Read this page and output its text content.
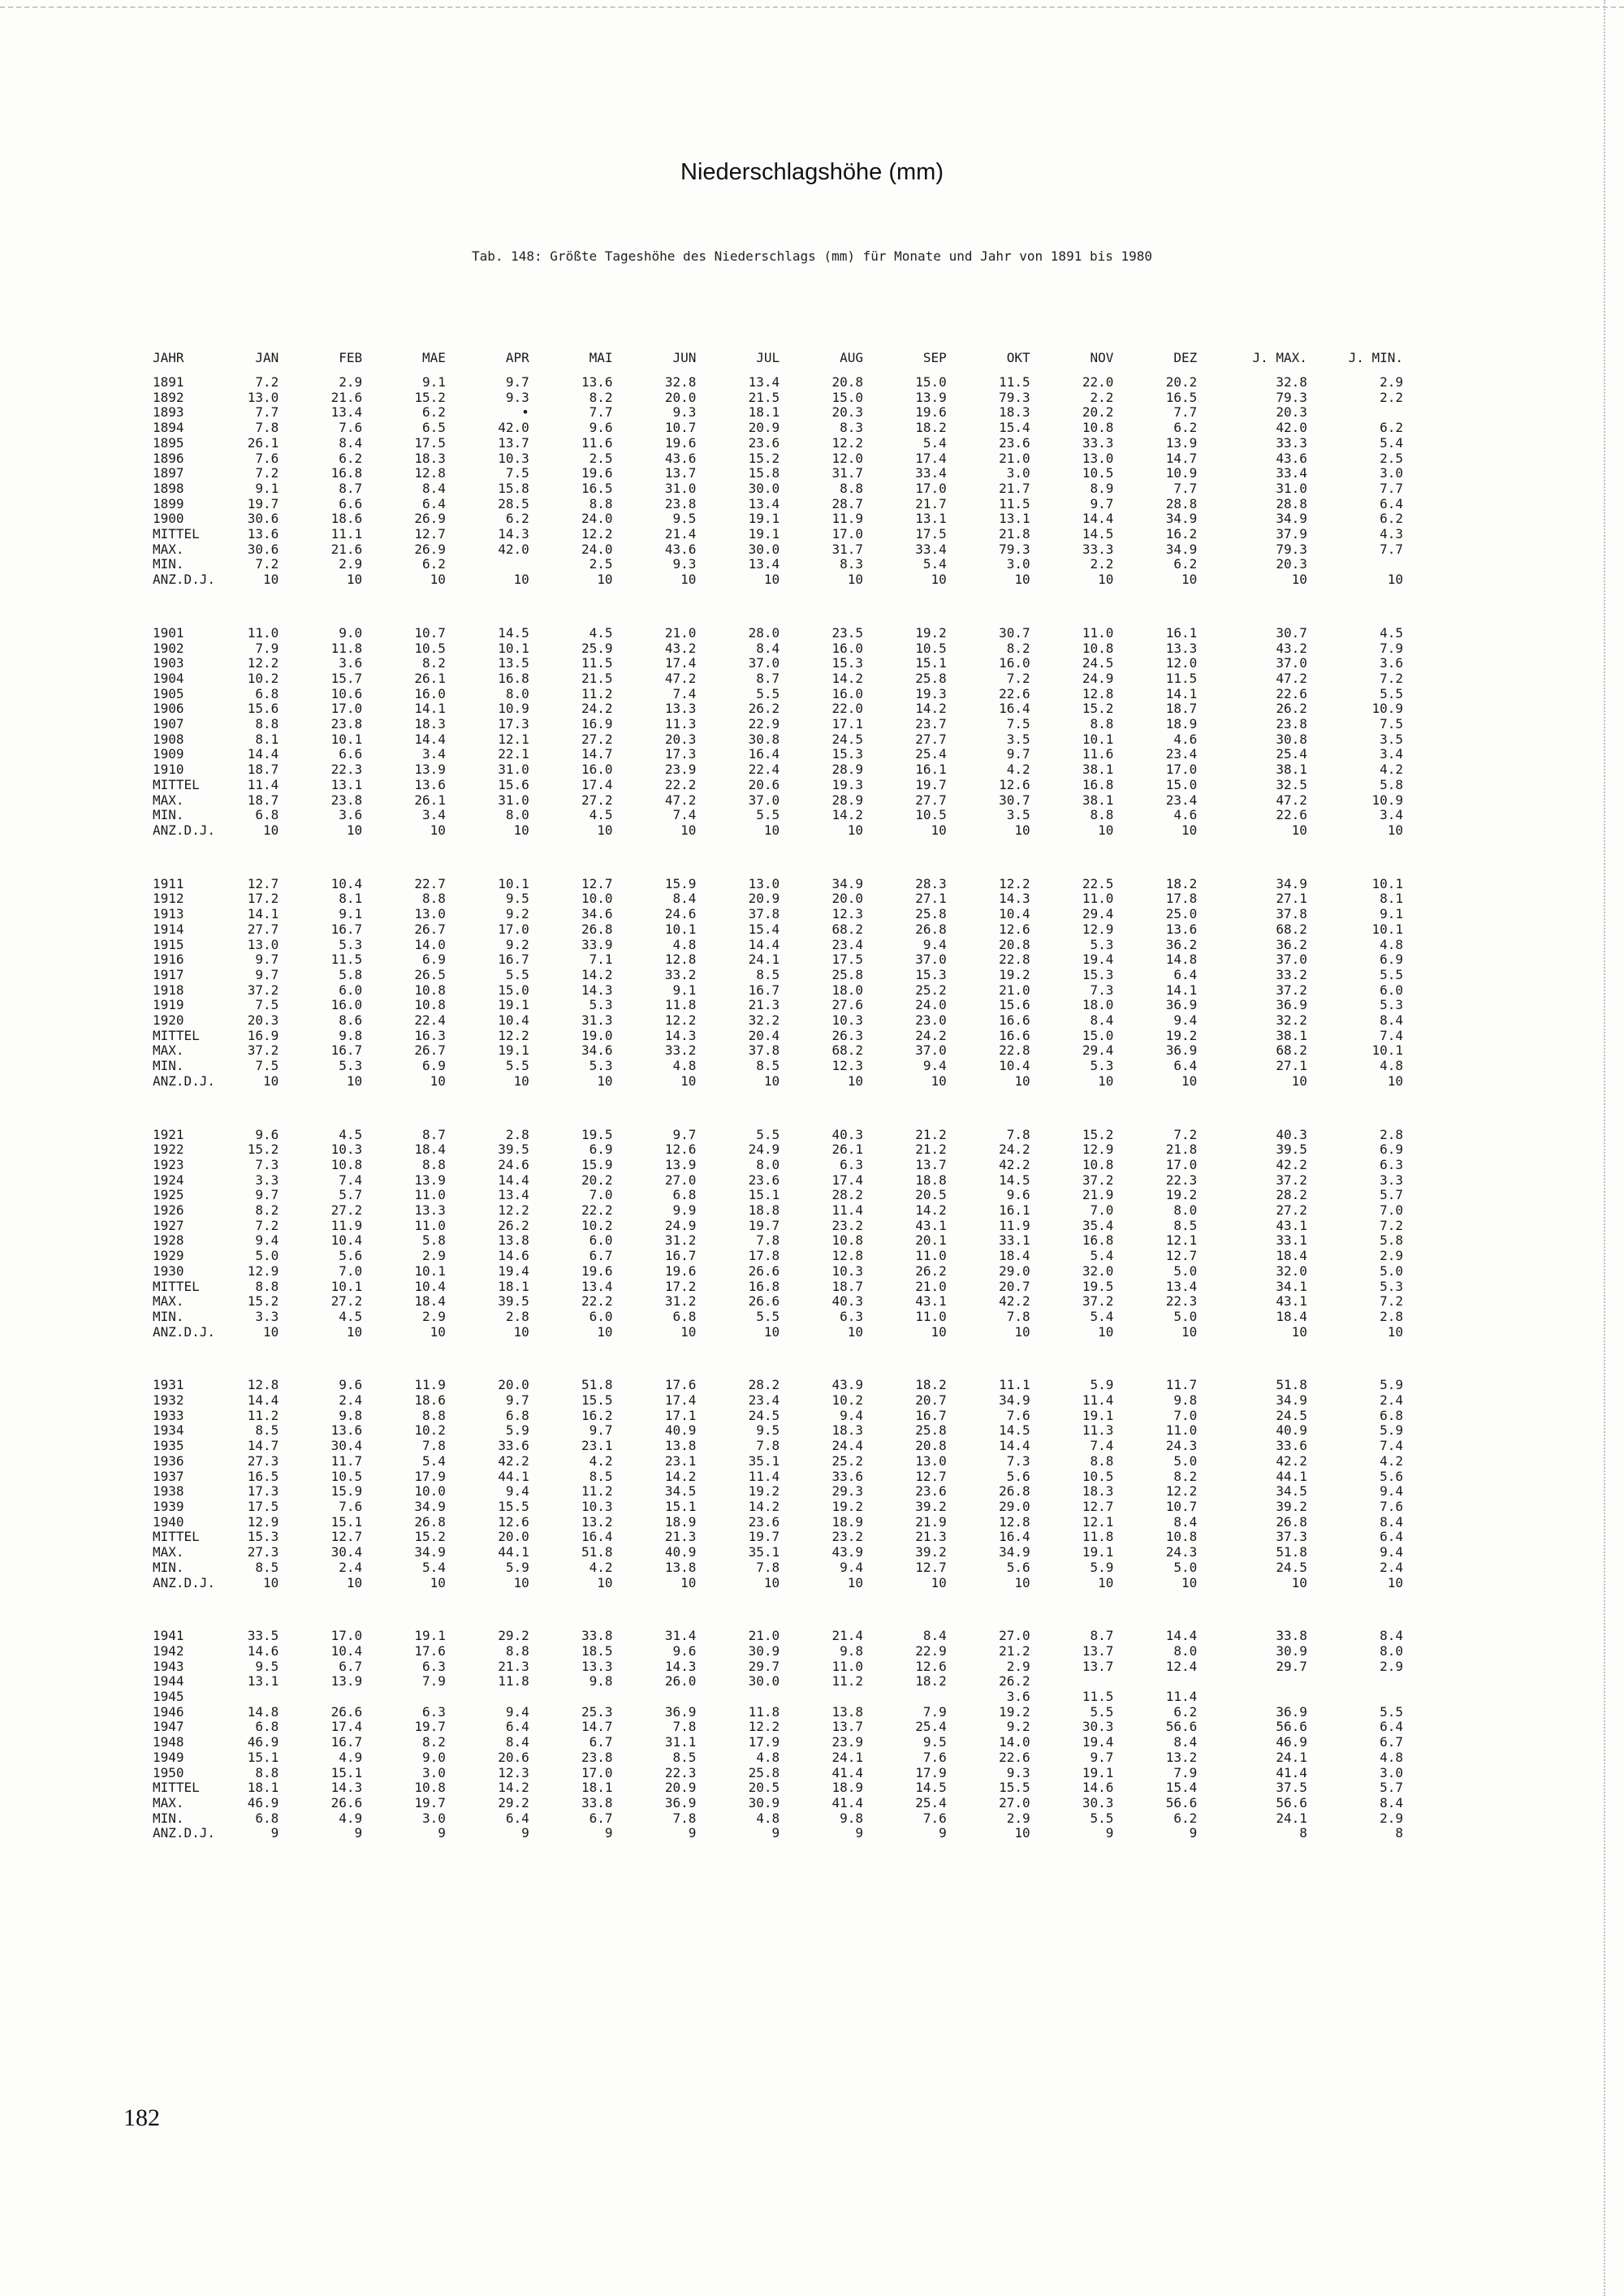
Niederschlagshöhe (mm)
Tab. 148: Größte Tageshöhe des Niederschlags (mm) für Monate und Jahr von 1891 bis 1980
JAHR	JAN	FEB	MAE	APR	MAI	JUN	JUL	AUG	SEP	OKT	NOV	DEZ	J. MAX.	J. MIN.
1891	7.2	2.9	9.1	9.7	13.6	32.8	13.4	20.8	15.0	11.5	22.0	20.2	32.8	2.9
1892	13.0	21.6	15.2	9.3	8.2	20.0	21.5	15.0	13.9	79.3	2.2	16.5	79.3	2.2
1893	7.7	13.4	6.2	•	7.7	9.3	18.1	20.3	19.6	18.3	20.2	7.7	20.3	
1894	7.8	7.6	6.5	42.0	9.6	10.7	20.9	8.3	18.2	15.4	10.8	6.2	42.0	6.2
1895	26.1	8.4	17.5	13.7	11.6	19.6	23.6	12.2	5.4	23.6	33.3	13.9	33.3	5.4
1896	7.6	6.2	18.3	10.3	2.5	43.6	15.2	12.0	17.4	21.0	13.0	14.7	43.6	2.5
1897	7.2	16.8	12.8	7.5	19.6	13.7	15.8	31.7	33.4	3.0	10.5	10.9	33.4	3.0
1898	9.1	8.7	8.4	15.8	16.5	31.0	30.0	8.8	17.0	21.7	8.9	7.7	31.0	7.7
1899	19.7	6.6	6.4	28.5	8.8	23.8	13.4	28.7	21.7	11.5	9.7	28.8	28.8	6.4
1900	30.6	18.6	26.9	6.2	24.0	9.5	19.1	11.9	13.1	13.1	14.4	34.9	34.9	6.2
MITTEL	13.6	11.1	12.7	14.3	12.2	21.4	19.1	17.0	17.5	21.8	14.5	16.2	37.9	4.3
MAX.	30.6	21.6	26.9	42.0	24.0	43.6	30.0	31.7	33.4	79.3	33.3	34.9	79.3	7.7
MIN.	7.2	2.9	6.2		2.5	9.3	13.4	8.3	5.4	3.0	2.2	6.2	20.3	
ANZ.D.J.	10	10	10	10	10	10	10	10	10	10	10	10	10	10

1901	11.0	9.0	10.7	14.5	4.5	21.0	28.0	23.5	19.2	30.7	11.0	16.1	30.7	4.5
1902	7.9	11.8	10.5	10.1	25.9	43.2	8.4	16.0	10.5	8.2	10.8	13.3	43.2	7.9
1903	12.2	3.6	8.2	13.5	11.5	17.4	37.0	15.3	15.1	16.0	24.5	12.0	37.0	3.6
1904	10.2	15.7	26.1	16.8	21.5	47.2	8.7	14.2	25.8	7.2	24.9	11.5	47.2	7.2
1905	6.8	10.6	16.0	8.0	11.2	7.4	5.5	16.0	19.3	22.6	12.8	14.1	22.6	5.5
1906	15.6	17.0	14.1	10.9	24.2	13.3	26.2	22.0	14.2	16.4	15.2	18.7	26.2	10.9
1907	8.8	23.8	18.3	17.3	16.9	11.3	22.9	17.1	23.7	7.5	8.8	18.9	23.8	7.5
1908	8.1	10.1	14.4	12.1	27.2	20.3	30.8	24.5	27.7	3.5	10.1	4.6	30.8	3.5
1909	14.4	6.6	3.4	22.1	14.7	17.3	16.4	15.3	25.4	9.7	11.6	23.4	25.4	3.4
1910	18.7	22.3	13.9	31.0	16.0	23.9	22.4	28.9	16.1	4.2	38.1	17.0	38.1	4.2
MITTEL	11.4	13.1	13.6	15.6	17.4	22.2	20.6	19.3	19.7	12.6	16.8	15.0	32.5	5.8
MAX.	18.7	23.8	26.1	31.0	27.2	47.2	37.0	28.9	27.7	30.7	38.1	23.4	47.2	10.9
MIN.	6.8	3.6	3.4	8.0	4.5	7.4	5.5	14.2	10.5	3.5	8.8	4.6	22.6	3.4
ANZ.D.J.	10	10	10	10	10	10	10	10	10	10	10	10	10	10

1911	12.7	10.4	22.7	10.1	12.7	15.9	13.0	34.9	28.3	12.2	22.5	18.2	34.9	10.1
1912	17.2	8.1	8.8	9.5	10.0	8.4	20.9	20.0	27.1	14.3	11.0	17.8	27.1	8.1
1913	14.1	9.1	13.0	9.2	34.6	24.6	37.8	12.3	25.8	10.4	29.4	25.0	37.8	9.1
1914	27.7	16.7	26.7	17.0	26.8	10.1	15.4	68.2	26.8	12.6	12.9	13.6	68.2	10.1
1915	13.0	5.3	14.0	9.2	33.9	4.8	14.4	23.4	9.4	20.8	5.3	36.2	36.2	4.8
1916	9.7	11.5	6.9	16.7	7.1	12.8	24.1	17.5	37.0	22.8	19.4	14.8	37.0	6.9
1917	9.7	5.8	26.5	5.5	14.2	33.2	8.5	25.8	15.3	19.2	15.3	6.4	33.2	5.5
1918	37.2	6.0	10.8	15.0	14.3	9.1	16.7	18.0	25.2	21.0	7.3	14.1	37.2	6.0
1919	7.5	16.0	10.8	19.1	5.3	11.8	21.3	27.6	24.0	15.6	18.0	36.9	36.9	5.3
1920	20.3	8.6	22.4	10.4	31.3	12.2	32.2	10.3	23.0	16.6	8.4	9.4	32.2	8.4
MITTEL	16.9	9.8	16.3	12.2	19.0	14.3	20.4	26.3	24.2	16.6	15.0	19.2	38.1	7.4
MAX.	37.2	16.7	26.7	19.1	34.6	33.2	37.8	68.2	37.0	22.8	29.4	36.9	68.2	10.1
MIN.	7.5	5.3	6.9	5.5	5.3	4.8	8.5	12.3	9.4	10.4	5.3	6.4	27.1	4.8
ANZ.D.J.	10	10	10	10	10	10	10	10	10	10	10	10	10	10

1921	9.6	4.5	8.7	2.8	19.5	9.7	5.5	40.3	21.2	7.8	15.2	7.2	40.3	2.8
1922	15.2	10.3	18.4	39.5	6.9	12.6	24.9	26.1	21.2	24.2	12.9	21.8	39.5	6.9
1923	7.3	10.8	8.8	24.6	15.9	13.9	8.0	6.3	13.7	42.2	10.8	17.0	42.2	6.3
1924	3.3	7.4	13.9	14.4	20.2	27.0	23.6	17.4	18.8	14.5	37.2	22.3	37.2	3.3
1925	9.7	5.7	11.0	13.4	7.0	6.8	15.1	28.2	20.5	9.6	21.9	19.2	28.2	5.7
1926	8.2	27.2	13.3	12.2	22.2	9.9	18.8	11.4	14.2	16.1	7.0	8.0	27.2	7.0
1927	7.2	11.9	11.0	26.2	10.2	24.9	19.7	23.2	43.1	11.9	35.4	8.5	43.1	7.2
1928	9.4	10.4	5.8	13.8	6.0	31.2	7.8	10.8	20.1	33.1	16.8	12.1	33.1	5.8
1929	5.0	5.6	2.9	14.6	6.7	16.7	17.8	12.8	11.0	18.4	5.4	12.7	18.4	2.9
1930	12.9	7.0	10.1	19.4	19.6	19.6	26.6	10.3	26.2	29.0	32.0	5.0	32.0	5.0
MITTEL	8.8	10.1	10.4	18.1	13.4	17.2	16.8	18.7	21.0	20.7	19.5	13.4	34.1	5.3
MAX.	15.2	27.2	18.4	39.5	22.2	31.2	26.6	40.3	43.1	42.2	37.2	22.3	43.1	7.2
MIN.	3.3	4.5	2.9	2.8	6.0	6.8	5.5	6.3	11.0	7.8	5.4	5.0	18.4	2.8
ANZ.D.J.	10	10	10	10	10	10	10	10	10	10	10	10	10	10

1931	12.8	9.6	11.9	20.0	51.8	17.6	28.2	43.9	18.2	11.1	5.9	11.7	51.8	5.9
1932	14.4	2.4	18.6	9.7	15.5	17.4	23.4	10.2	20.7	34.9	11.4	9.8	34.9	2.4
1933	11.2	9.8	8.8	6.8	16.2	17.1	24.5	9.4	16.7	7.6	19.1	7.0	24.5	6.8
1934	8.5	13.6	10.2	5.9	9.7	40.9	9.5	18.3	25.8	14.5	11.3	11.0	40.9	5.9
1935	14.7	30.4	7.8	33.6	23.1	13.8	7.8	24.4	20.8	14.4	7.4	24.3	33.6	7.4
1936	27.3	11.7	5.4	42.2	4.2	23.1	35.1	25.2	13.0	7.3	8.8	5.0	42.2	4.2
1937	16.5	10.5	17.9	44.1	8.5	14.2	11.4	33.6	12.7	5.6	10.5	8.2	44.1	5.6
1938	17.3	15.9	10.0	9.4	11.2	34.5	19.2	29.3	23.6	26.8	18.3	12.2	34.5	9.4
1939	17.5	7.6	34.9	15.5	10.3	15.1	14.2	19.2	39.2	29.0	12.7	10.7	39.2	7.6
1940	12.9	15.1	26.8	12.6	13.2	18.9	23.6	18.9	21.9	12.8	12.1	8.4	26.8	8.4
MITTEL	15.3	12.7	15.2	20.0	16.4	21.3	19.7	23.2	21.3	16.4	11.8	10.8	37.3	6.4
MAX.	27.3	30.4	34.9	44.1	51.8	40.9	35.1	43.9	39.2	34.9	19.1	24.3	51.8	9.4
MIN.	8.5	2.4	5.4	5.9	4.2	13.8	7.8	9.4	12.7	5.6	5.9	5.0	24.5	2.4
ANZ.D.J.	10	10	10	10	10	10	10	10	10	10	10	10	10	10

1941	33.5	17.0	19.1	29.2	33.8	31.4	21.0	21.4	8.4	27.0	8.7	14.4	33.8	8.4
1942	14.6	10.4	17.6	8.8	18.5	9.6	30.9	9.8	22.9	21.2	13.7	8.0	30.9	8.0
1943	9.5	6.7	6.3	21.3	13.3	14.3	29.7	11.0	12.6	2.9	13.7	12.4	29.7	2.9
1944	13.1	13.9	7.9	11.8	9.8	26.0	30.0	11.2	18.2	26.2				
1945										3.6	11.5	11.4		
1946	14.8	26.6	6.3	9.4	25.3	36.9	11.8	13.8	7.9	19.2	5.5	6.2	36.9	5.5
1947	6.8	17.4	19.7	6.4	14.7	7.8	12.2	13.7	25.4	9.2	30.3	56.6	56.6	6.4
1948	46.9	16.7	8.2	8.4	6.7	31.1	17.9	23.9	9.5	14.0	19.4	8.4	46.9	6.7
1949	15.1	4.9	9.0	20.6	23.8	8.5	4.8	24.1	7.6	22.6	9.7	13.2	24.1	4.8
1950	8.8	15.1	3.0	12.3	17.0	22.3	25.8	41.4	17.9	9.3	19.1	7.9	41.4	3.0
MITTEL	18.1	14.3	10.8	14.2	18.1	20.9	20.5	18.9	14.5	15.5	14.6	15.4	37.5	5.7
MAX.	46.9	26.6	19.7	29.2	33.8	36.9	30.9	41.4	25.4	27.0	30.3	56.6	56.6	8.4
MIN.	6.8	4.9	3.0	6.4	6.7	7.8	4.8	9.8	7.6	2.9	5.5	6.2	24.1	2.9
ANZ.D.J.	9	9	9	9	9	9	9	9	9	10	9	9	8	8
182
